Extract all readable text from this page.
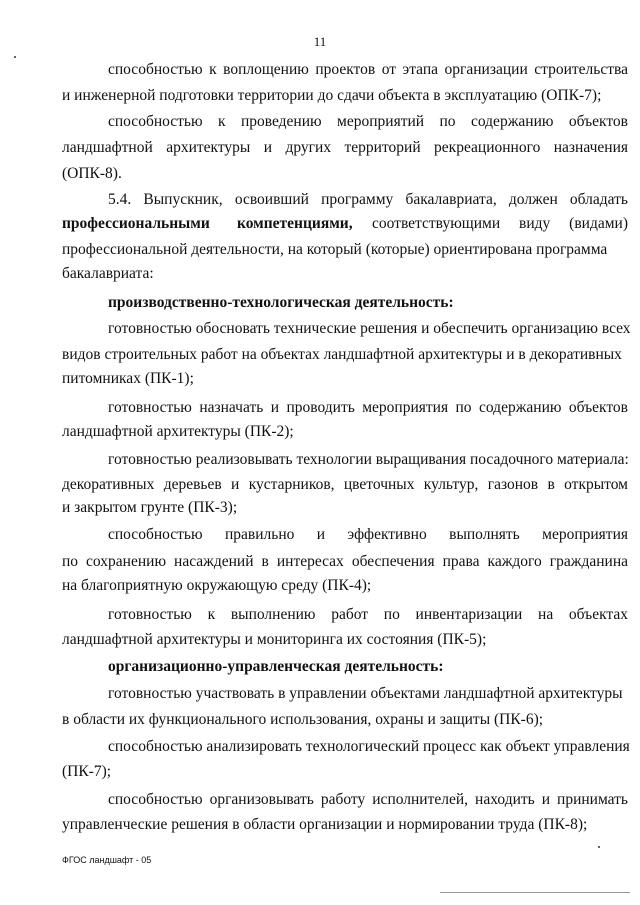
11
способностью к воплощению проектов от этапа организации строительства
и инженерной подготовки территории до сдачи объекта в эксплуатацию (ОПК-7);
способностью к проведению мероприятий по содержанию объектов
ландшафтной архитектуры и других территорий рекреационного назначения
(ОПК-8).
5.4. Выпускник, освоивший программу бакалавриата, должен обладать
профессиональными компетенциями, соответствующими виду (видами)
профессиональной деятельности, на который (которые) ориентирована программа
бакалавриата:
производственно-технологическая деятельность:
готовностью обосновать технические решения и обеспечить организацию всех
видов строительных работ на объектах ландшафтной архитектуры и в декоративных
питомниках (ПК-1);
готовностью назначать и проводить мероприятия по содержанию объектов
ландшафтной архитектуры (ПК-2);
готовностью реализовывать технологии выращивания посадочного материала:
декоративных деревьев и кустарников, цветочных культур, газонов в открытом
и закрытом грунте (ПК-3);
способностью правильно и эффективно выполнять мероприятия
по сохранению насаждений в интересах обеспечения права каждого гражданина
на благоприятную окружающую среду (ПК-4);
готовностью к выполнению работ по инвентаризации на объектах
ландшафтной архитектуры и мониторинга их состояния (ПК-5);
организационно-управленческая деятельность:
готовностью участвовать в управлении объектами ландшафтной архитектуры
в области их функционального использования, охраны и защиты (ПК-6);
способностью анализировать технологический процесс как объект управления
(ПК-7);
способностью организовывать работу исполнителей, находить и принимать
управленческие решения в области организации и нормировании труда (ПК-8);
ФГОС ландшафт - 05
